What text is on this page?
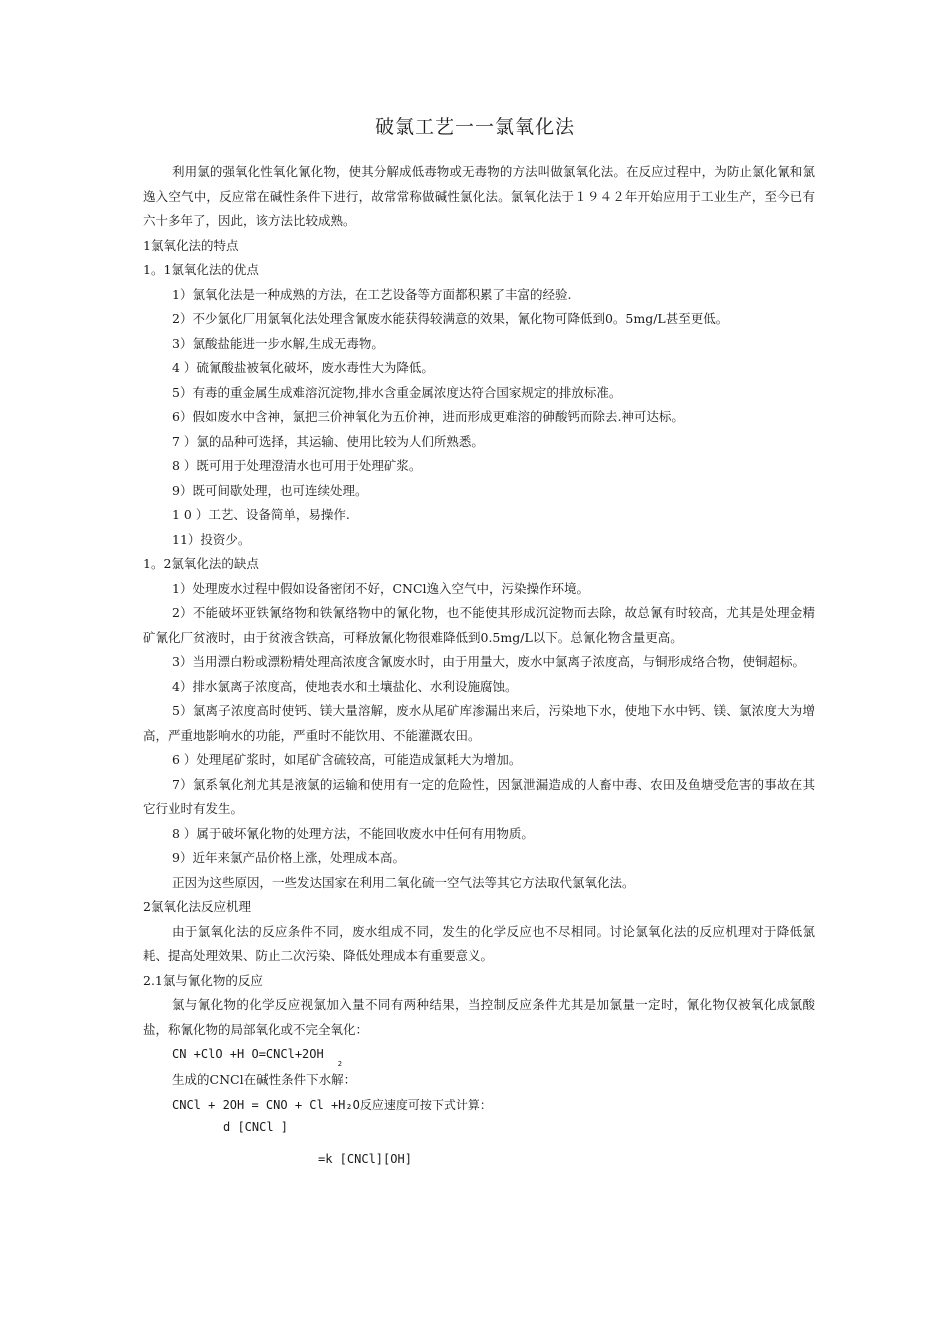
破氯工艺一一氯氧化法

利用氯的强氧化性氧化氰化物，使其分解成低毒物或无毒物的方法叫做氯氧化法。在反应过程中，为防止氯化氰和氯逸入空气中，反应常在碱性条件下进行，故常常称做碱性氯化法。氯氧化法于１９４２年开始应用于工业生产，至今已有六十多年了，因此，该方法比较成熟。

1氯氧化法的特点

1。1氯氧化法的优点

1）氯氧化法是一种成熟的方法，在工艺设备等方面都积累了丰富的经验.

2）不少氯化厂用氯氧化法处理含氰废水能获得较满意的效果，氰化物可降低到0。5mg/L甚至更低。

3）氯酸盐能进一步水解,生成无毒物。

4 ）硫氰酸盐被氧化破坏，废水毒性大为降低。

5）有毒的重金属生成难溶沉淀物,排水含重金属浓度达符合国家规定的排放标准。

6）假如废水中含神，氯把三价神氧化为五价神，进而形成更难溶的砷酸钙而除去.神可达标。

7 ）氯的品种可选择，其运输、使用比较为人们所熟悉。

8 ）既可用于处理澄清水也可用于处理矿浆。

9）既可间歇处理，也可连续处理。

1 0 ）工艺、设备简单，易操作.

11）投资少。

1。2氯氧化法的缺点

1）处理废水过程中假如设备密闭不好，CNCl逸入空气中，污染操作环境。

2）不能破坏亚铁氰络物和铁氰络物中的氰化物，也不能使其形成沉淀物而去除，故总氰有时较高，尤其是处理金精矿氰化厂贫液时，由于贫液含铁高，可释放氰化物很难降低到0.5mg/L以下。总氰化物含量更高。

3）当用漂白粉或漂粉精处理高浓度含氰废水时，由于用量大，废水中氯离子浓度高，与铜形成络合物，使铜超标。

4）排水氯离子浓度高，使地表水和土壤盐化、水利设施腐蚀。

5）氯离子浓度高时使钙、镁大量溶解，废水从尾矿库渗漏出来后，污染地下水，使地下水中钙、镁、氯浓度大为增高，严重地影响水的功能，严重时不能饮用、不能灌溉农田。

6 ）处理尾矿浆时，如尾矿含硫较高，可能造成氯耗大为增加。

7）氯系氧化剂尤其是液氯的运输和使用有一定的危险性，因氯泄漏造成的人畜中毒、农田及鱼塘受危害的事故在其它行业时有发生。

8 ）属于破坏氰化物的处理方法，不能回收废水中任何有用物质。

9）近年来氯产品价格上涨，处理成本高。

正因为这些原因，一些发达国家在利用二氧化硫一空气法等其它方法取代氯氧化法。

2氯氧化法反应机理

由于氯氧化法的反应条件不同，废水组成不同，发生的化学反应也不尽相同。讨论氯氧化法的反应机理对于降低氯耗、提高处理效果、防止二次污染、降低处理成本有重要意义。

2.1氯与氰化物的反应

氯与氰化物的化学反应视氯加入量不同有两种结果，当控制反应条件尤其是加氯量一定时，氰化物仅被氧化成氯酸盐，称氰化物的局部氧化或不完全氧化：

CN +ClO +H $O=CNCl+2OH_2$

生成的CNCl在碱性条件下水解：

CNCl + 2OH = CNO + Cl +H₂O反应速度可按下式计算：

d [CNCl ]

=k [CNCl][OH]
